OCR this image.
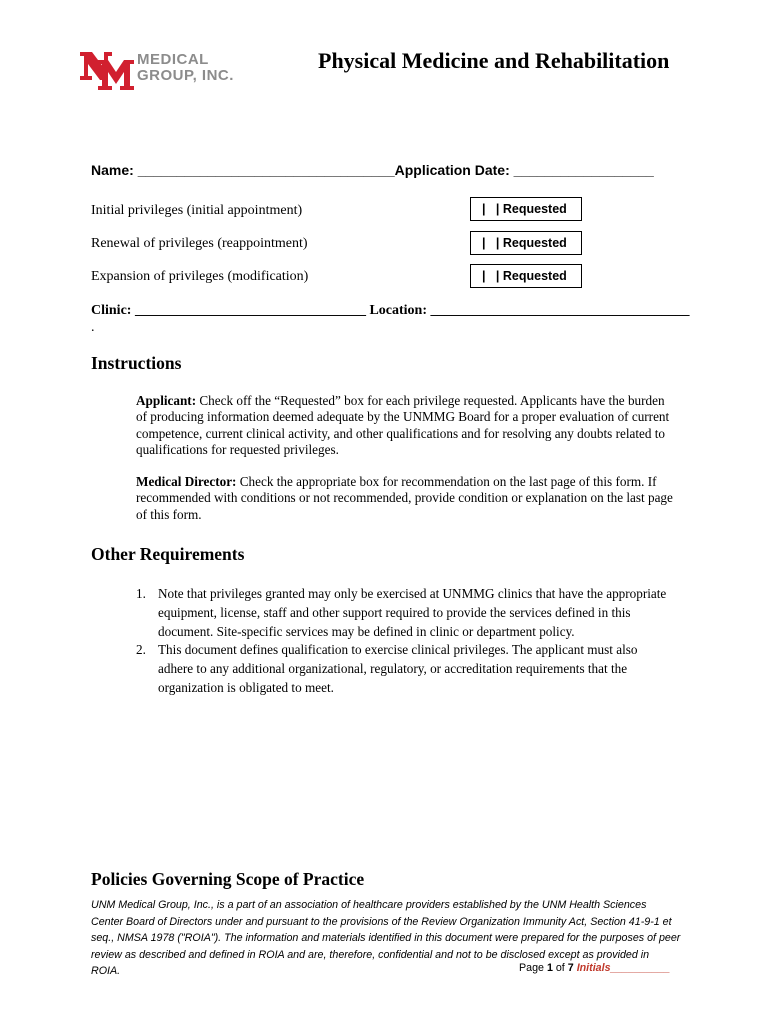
MEDICAL
GROUP, INC.
Physical Medicine and Rehabilitation
Name: _________________________________Application Date: __________________
Initial privileges (initial appointment)	|   | Requested
Renewal of privileges (reappointment)	|   | Requested
Expansion of privileges (modification)	|   | Requested
Clinic: _________________________________ Location: _____________________________________
.
Instructions
Applicant: Check off the “Requested” box for each privilege requested. Applicants have the burden of producing information deemed adequate by the UNMMG Board for a proper evaluation of current competence, current clinical activity, and other qualifications and for resolving any doubts related to qualifications for requested privileges.
Medical Director: Check the appropriate box for recommendation on the last page of this form. If recommended with conditions or not recommended, provide condition or explanation on the last page of this form.
Other Requirements
1. Note that privileges granted may only be exercised at UNMMG clinics that have the appropriate equipment, license, staff and other support required to provide the services defined in this document. Site-specific services may be defined in clinic or department policy.
2. This document defines qualification to exercise clinical privileges. The applicant must also adhere to any additional organizational, regulatory, or accreditation requirements that the organization is obligated to meet.
Policies Governing Scope of Practice
UNM Medical Group, Inc., is a part of an association of healthcare providers established by the UNM Health Sciences Center Board of Directors under and pursuant to the provisions of the Review Organization Immunity Act, Section 41-9-1 et seq., NMSA 1978 ("ROIA"). The information and materials identified in this document were prepared for the purposes of peer review as described and defined in ROIA and are, therefore, confidential and not to be disclosed except as provided in ROIA.	Page 1 of 7 Initials__________
